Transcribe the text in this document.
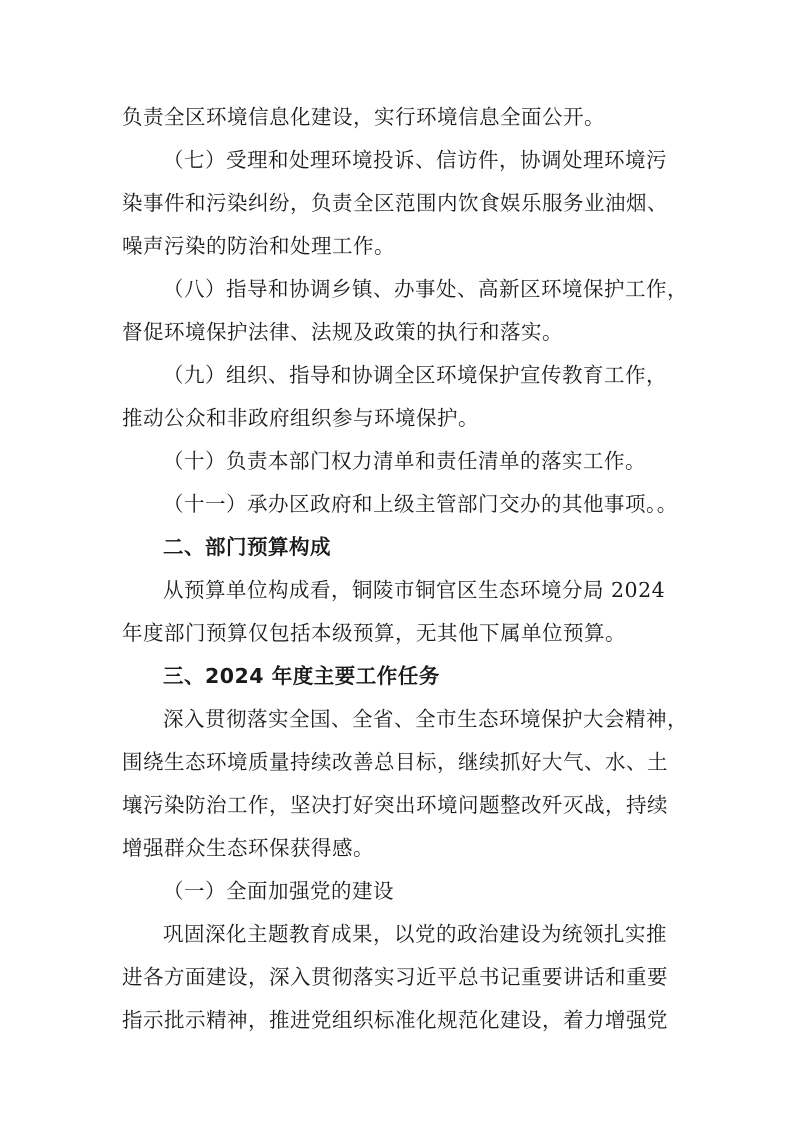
负责全区环境信息化建设，实行环境信息全面公开。
（七）受理和处理环境投诉、信访件，协调处理环境污
染事件和污染纠纷，负责全区范围内饮食娱乐服务业油烟、
噪声污染的防治和处理工作。
（八）指导和协调乡镇、办事处、高新区环境保护工作，
督促环境保护法律、法规及政策的执行和落实。
（九）组织、指导和协调全区环境保护宣传教育工作，
推动公众和非政府组织参与环境保护。
（十）负责本部门权力清单和责任清单的落实工作。
（十一）承办区政府和上级主管部门交办的其他事项。。
二、部门预算构成
从预算单位构成看，铜陵市铜官区生态环境分局 2024
年度部门预算仅包括本级预算，无其他下属单位预算。
三、2024 年度主要工作任务
深入贯彻落实全国、全省、全市生态环境保护大会精神，
围绕生态环境质量持续改善总目标，继续抓好大气、水、土
壤污染防治工作，坚决打好突出环境问题整改歼灭战，持续
增强群众生态环保获得感。
（一）全面加强党的建设
巩固深化主题教育成果，以党的政治建设为统领扎实推
进各方面建设，深入贯彻落实习近平总书记重要讲话和重要
指示批示精神，推进党组织标准化规范化建设，着力增强党
